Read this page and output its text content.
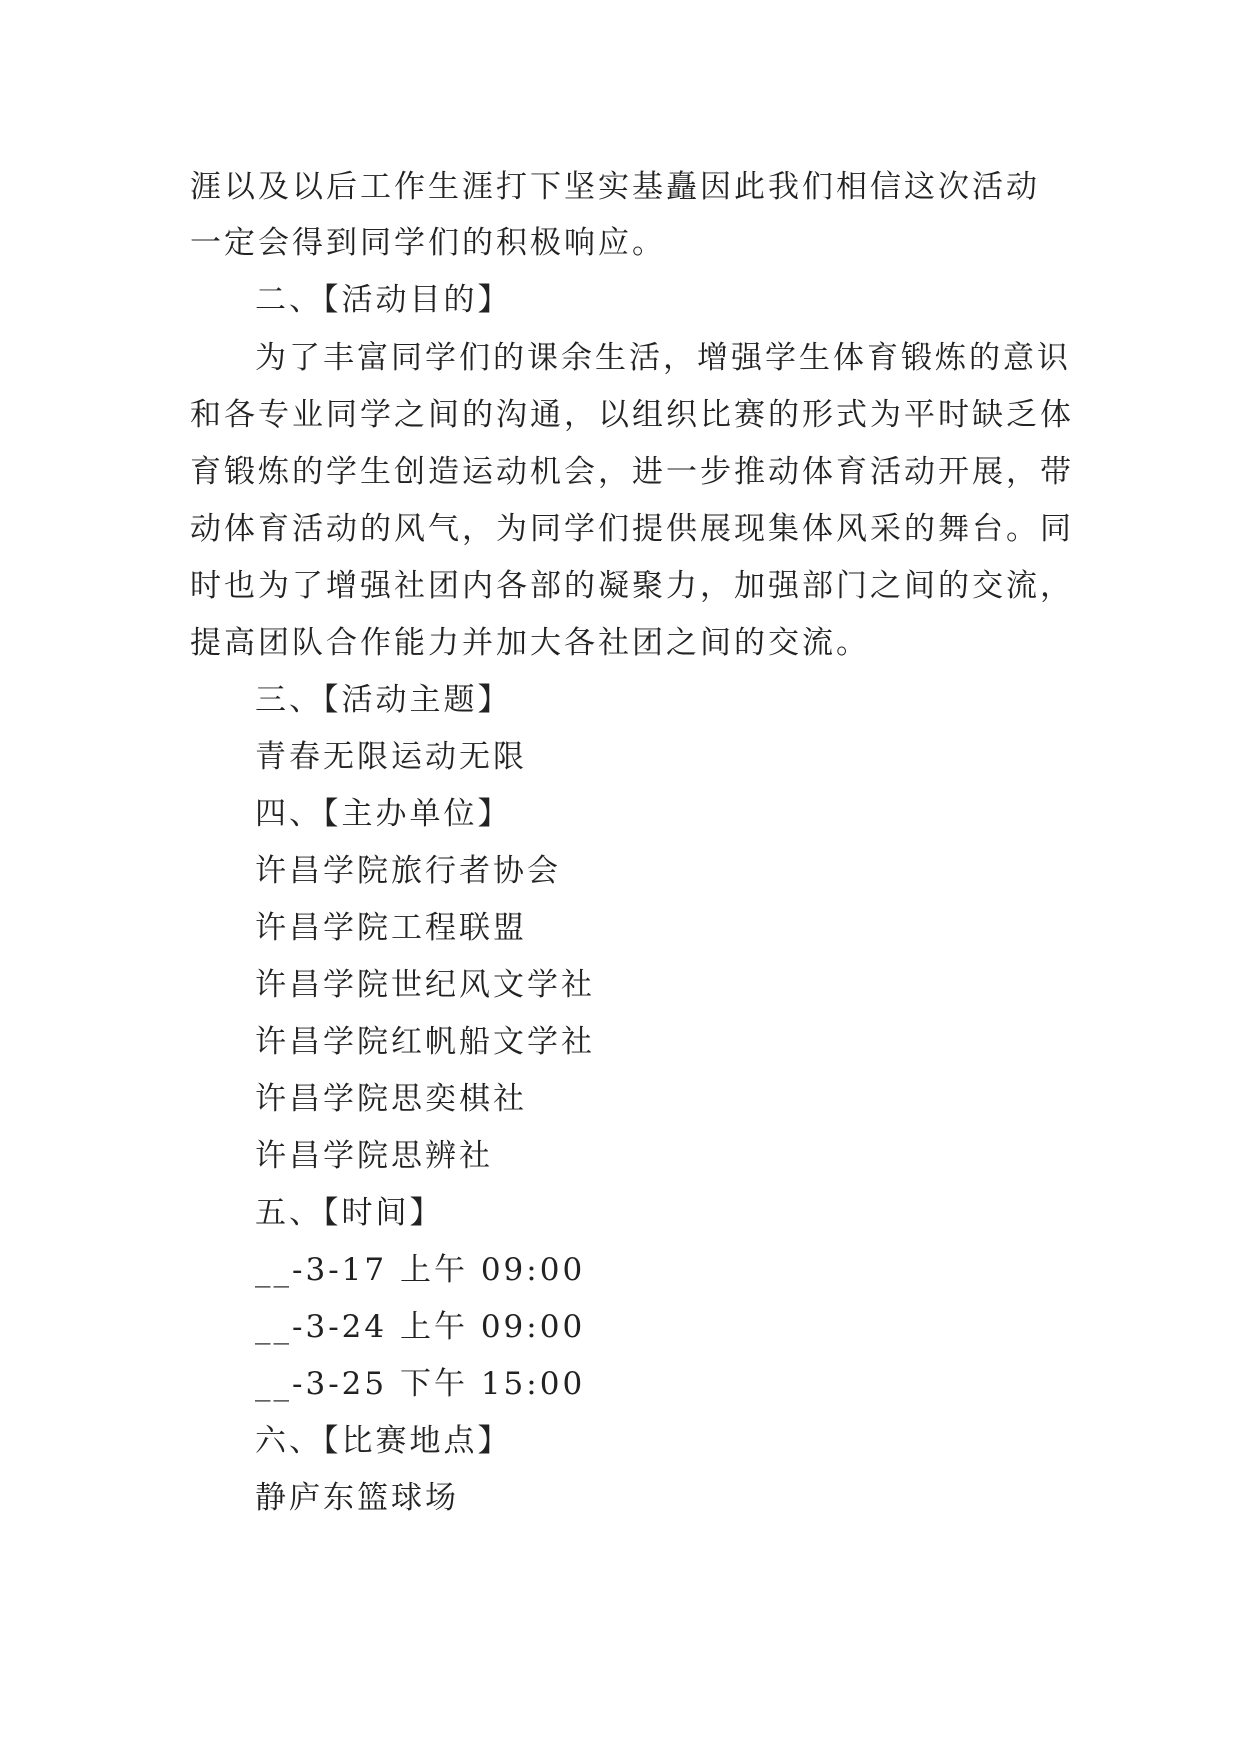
涯以及以后工作生涯打下坚实基矗因此我们相信这次活动
一定会得到同学们的积极响应。
二、【活动目的】
为了丰富同学们的课余生活，增强学生体育锻炼的意识
和各专业同学之间的沟通，以组织比赛的形式为平时缺乏体
育锻炼的学生创造运动机会，进一步推动体育活动开展，带
动体育活动的风气，为同学们提供展现集体风采的舞台。同
时也为了增强社团内各部的凝聚力，加强部门之间的交流，
提高团队合作能力并加大各社团之间的交流。
三、【活动主题】
青春无限运动无限
四、【主办单位】
许昌学院旅行者协会
许昌学院工程联盟
许昌学院世纪风文学社
许昌学院红帆船文学社
许昌学院思奕棋社
许昌学院思辨社
五、【时间】
__-3-17 上午 09:00
__-3-24 上午 09:00
__-3-25 下午 15:00
六、【比赛地点】
静庐东篮球场
